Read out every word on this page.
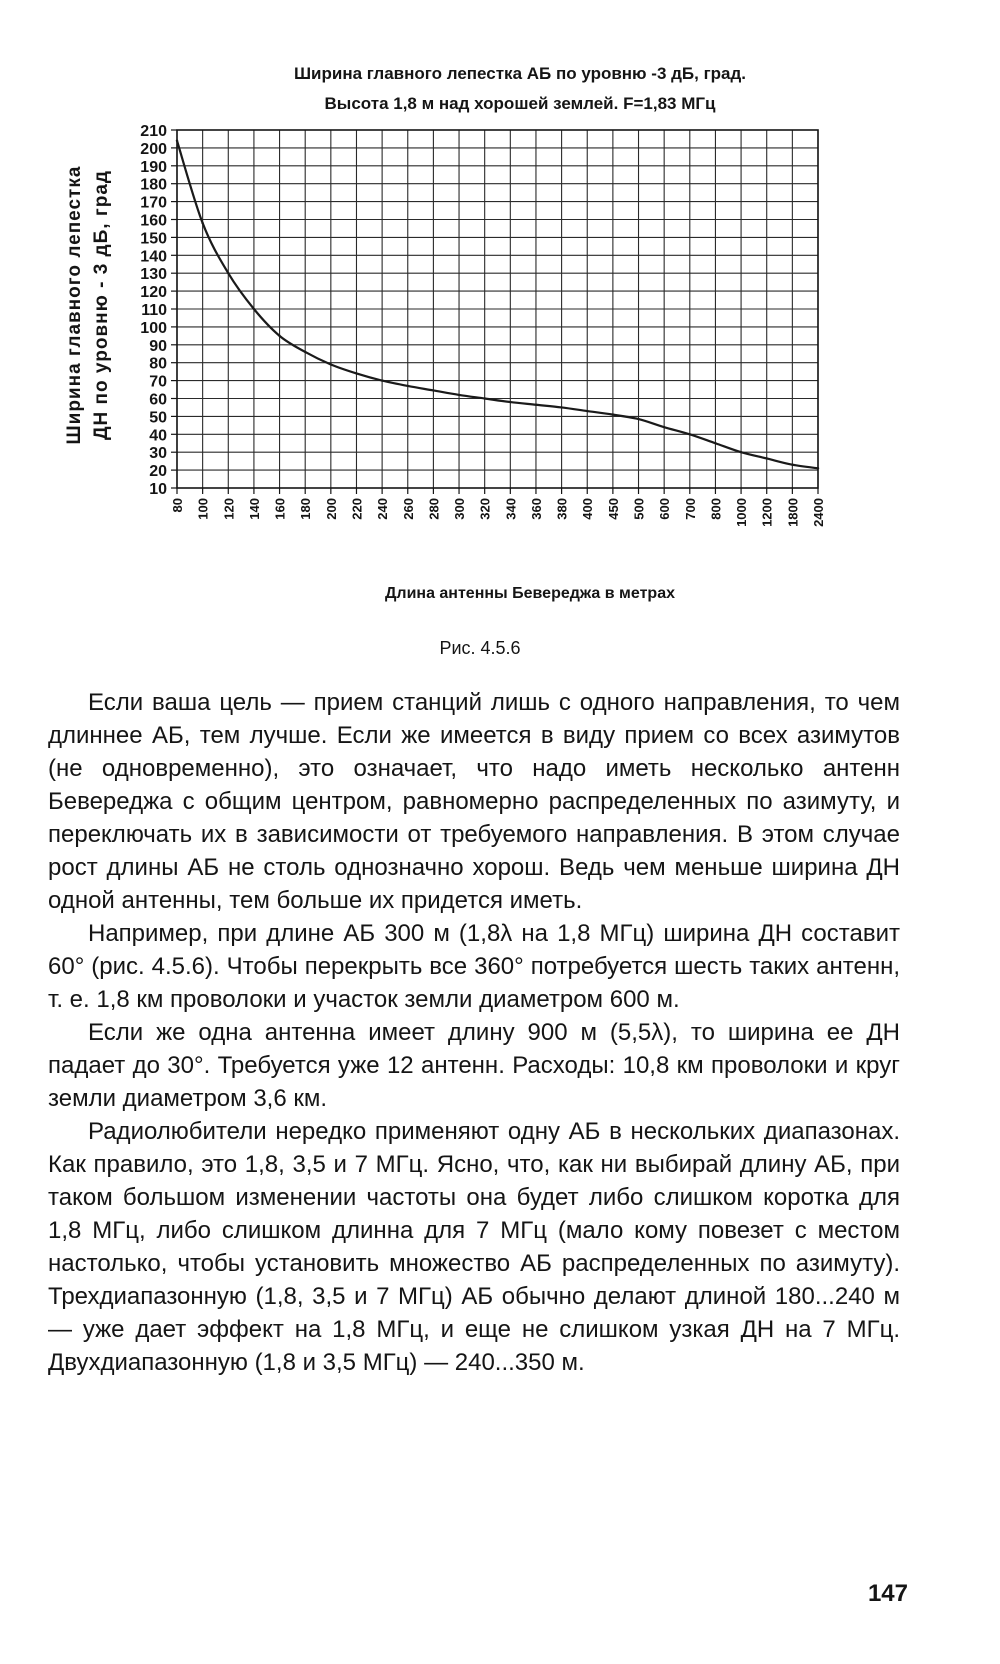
Ширина главного лепестка АБ по уровню -3 дБ, град.
Высота 1,8 м над хорошей землей. F=1,83 МГц
Ширина главного лепестка ДН по уровню - 3 дБ, град
210
200
190
180
170
160
150
140
130
120
110
100
90
80
70
60
50
40
30
20
10
80 100 120 140 160 180 200 220 240 260 280 300 320 340 360 380 400 450 500 600 700 800 1000 1200 1800 2400
Длина антенны Бевереджа в метрах
Рис. 4.5.6

Если ваша цель — прием станций лишь с одного направления, то чем длиннее АБ, тем лучше. Если же имеется в виду прием со всех азимутов (не одновременно), это означает, что надо иметь несколько антенн Бевереджа с общим центром, равномерно распределенных по азимуту, и переключать их в зависимости от требуемого направления. В этом случае рост длины АБ не столь однозначно хорош. Ведь чем меньше ширина ДН одной антенны, тем больше их придется иметь.

Например, при длине АБ 300 м (1,8λ на 1,8 МГц) ширина ДН составит 60° (рис. 4.5.6). Чтобы перекрыть все 360° потребуется шесть таких антенн, т. е. 1,8 км проволоки и участок земли диаметром 600 м.

Если же одна антенна имеет длину 900 м (5,5λ), то ширина ее ДН падает до 30°. Требуется уже 12 антенн. Расходы: 10,8 км проволоки и круг земли диаметром 3,6 км.

Радиолюбители нередко применяют одну АБ в нескольких диапазонах. Как правило, это 1,8, 3,5 и 7 МГц. Ясно, что, как ни выбирай длину АБ, при таком большом изменении частоты она будет либо слишком коротка для 1,8 МГц, либо слишком длинна для 7 МГц (мало кому повезет с местом настолько, чтобы установить множество АБ распределенных по азимуту). Трехдиапазонную (1,8, 3,5 и 7 МГц) АБ обычно делают длиной 180...240 м — уже дает эффект на 1,8 МГц, и еще не слишком узкая ДН на 7 МГц. Двухдиапазонную (1,8 и 3,5 МГц) — 240...350 м.

147
